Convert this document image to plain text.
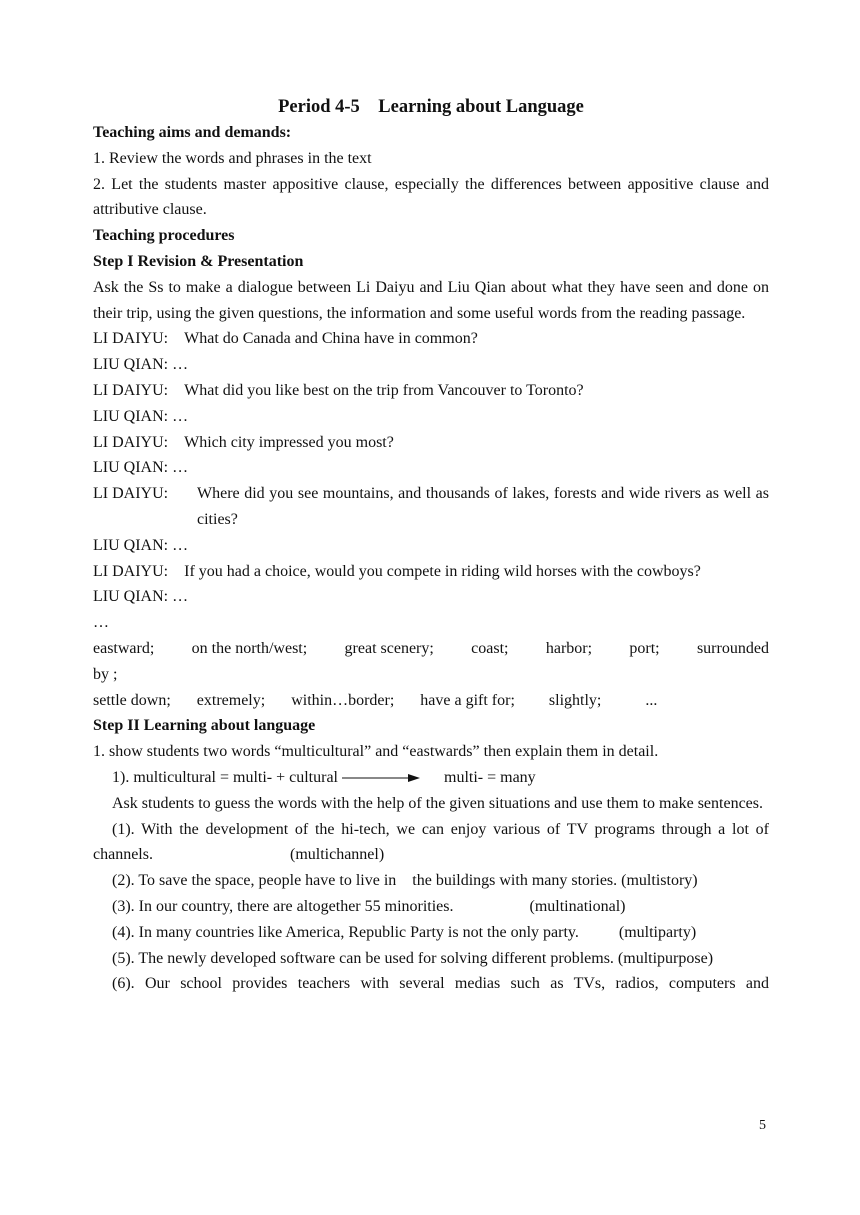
Period 4-5　Learning about Language

Teaching aims and demands:

1. Review the words and phrases in the text

2. Let the students master appositive clause, especially the differences between appositive clause and attributive clause.

Teaching procedures

Step I Revision & Presentation

Ask the Ss to make a dialogue between Li Daiyu and Liu Qian about what they have seen and done on their trip, using the given questions, the information and some useful words from the reading passage.

LI DAIYU:　 What do Canada and China have in common?
LIU QIAN: …
LI DAIYU:　 What did you like best on the trip from Vancouver to Toronto?
LIU QIAN: …
LI DAIYU:　 Which city impressed you most?
LIU QIAN: …
LI DAIYU:	Where did you see mountains, and thousands of lakes, forests and wide rivers as well as cities?
LIU QIAN: …
LI DAIYU:　 If you had a choice, would you compete in riding wild horses with the cowboys?
LIU QIAN: …

…

eastward; on the north/west; great scenery; coast; harbor; port; surrounded

by ;

settle down; extremely; within…border; have a gift for; slightly;	...

Step II Learning about language

1. show students two words “multicultural” and “eastwards” then explain them in detail.

1). multicultural = multi- + cultural	multi- = many

Ask students to guess the words with the help of the given situations and use them to make sentences.

(1). With the development of the hi-tech, we can enjoy various of TV programs through a lot of channels.	(multichannel)

(2). To save the space, people have to live in　the buildings with many stories. (multistory)

(3). In our country, there are altogether 55 minorities.	(multinational)

(4). In many countries like America, Republic Party is not the only party.	(multiparty)

(5). The newly developed software can be used for solving different problems. (multipurpose)

(6). Our school provides teachers with several medias such as TVs, radios, computers and

5
